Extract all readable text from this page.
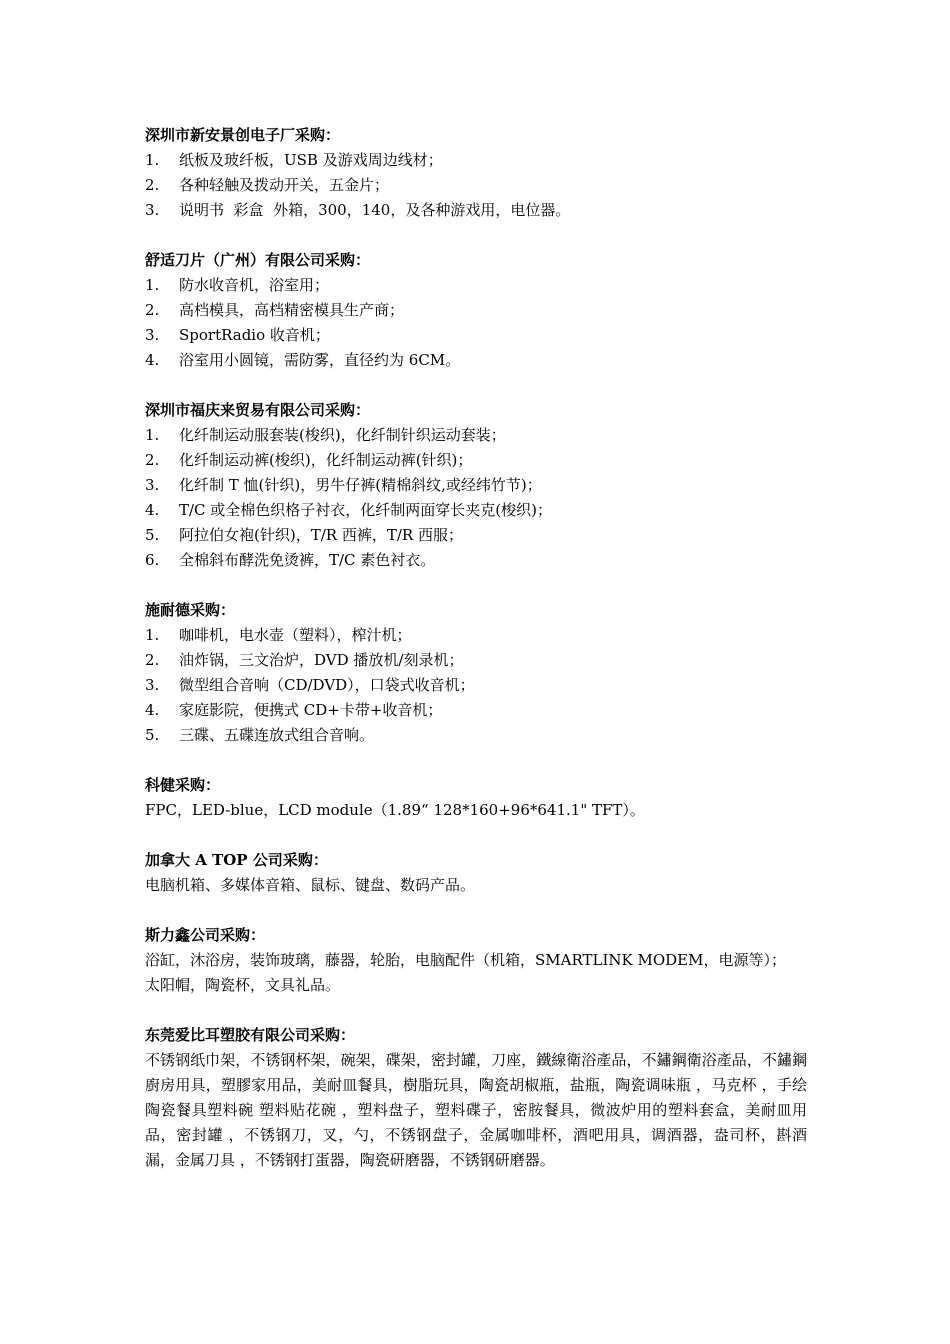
深圳市新安景创电子厂采购：
1.	纸板及玻纤板，USB 及游戏周边线材；
2.	各种轻触及拨动开关，五金片；
3.	说明书  彩盒  外箱，300，140，及各种游戏用，电位器。
舒适刀片（广州）有限公司采购：
1.	防水收音机，浴室用；
2.	高档模具，高档精密模具生产商；
3.	SportRadio 收音机；
4.	浴室用小圆镜，需防雾，直径约为 6CM。
深圳市福庆来贸易有限公司采购：
1.	化纤制运动服套装(梭织)，化纤制针织运动套装；
2.	化纤制运动裤(梭织)，化纤制运动裤(针织)；
3.	化纤制 T 恤(针织)，男牛仔裤(精棉斜纹,或经纬竹节)；
4.	T/C 或全棉色织格子衬衣，化纤制两面穿长夹克(梭织)；
5.	阿拉伯女袍(针织)，T/R 西裤，T/R 西服；
6.	全棉斜布酵洗免烫裤，T/C 素色衬衣。
施耐德采购：
1.	咖啡机，电水壶（塑料），榨汁机；
2.	油炸锅，三文治炉，DVD 播放机/刻录机；
3.	微型组合音响（CD/DVD），口袋式收音机；
4.	家庭影院，便携式 CD+卡带+收音机；
5.	三碟、五碟连放式组合音响。
科健采购：
FPC，LED-blue，LCD module（1.89“ 128*160+96*641.1" TFT）。
加拿大 A TOP 公司采购：
电脑机箱、多媒体音箱、鼠标、键盘、数码产品。
斯力鑫公司采购：
浴缸，沐浴房，装饰玻璃，藤器，轮胎，电脑配件（机箱，SMARTLINK MODEM，电源等）；
太阳帽，陶瓷杯，文具礼品。
东莞爱比耳塑胶有限公司采购：
不锈钢纸巾架，不锈钢杯架，碗架，碟架，密封罐，刀座，鐵線衛浴產品，不鏽鋼衛浴產品，不鏽鋼廚房用具，塑膠家用品，美耐皿餐具，樹脂玩具，陶瓷胡椒瓶，盐瓶，陶瓷调味瓶 ，马克杯 ，手绘陶瓷餐具塑料碗 塑料贴花碗 ，塑料盘子，塑料碟子，密胺餐具，微波炉用的塑料套盒，美耐皿用品，密封罐 ，不锈钢刀，叉，勺，不锈钢盘子，金属咖啡杯，酒吧用具，调酒器，盎司杯，斟酒漏，金属刀具 ，不锈钢打蛋器，陶瓷研磨器，不锈钢研磨器。
